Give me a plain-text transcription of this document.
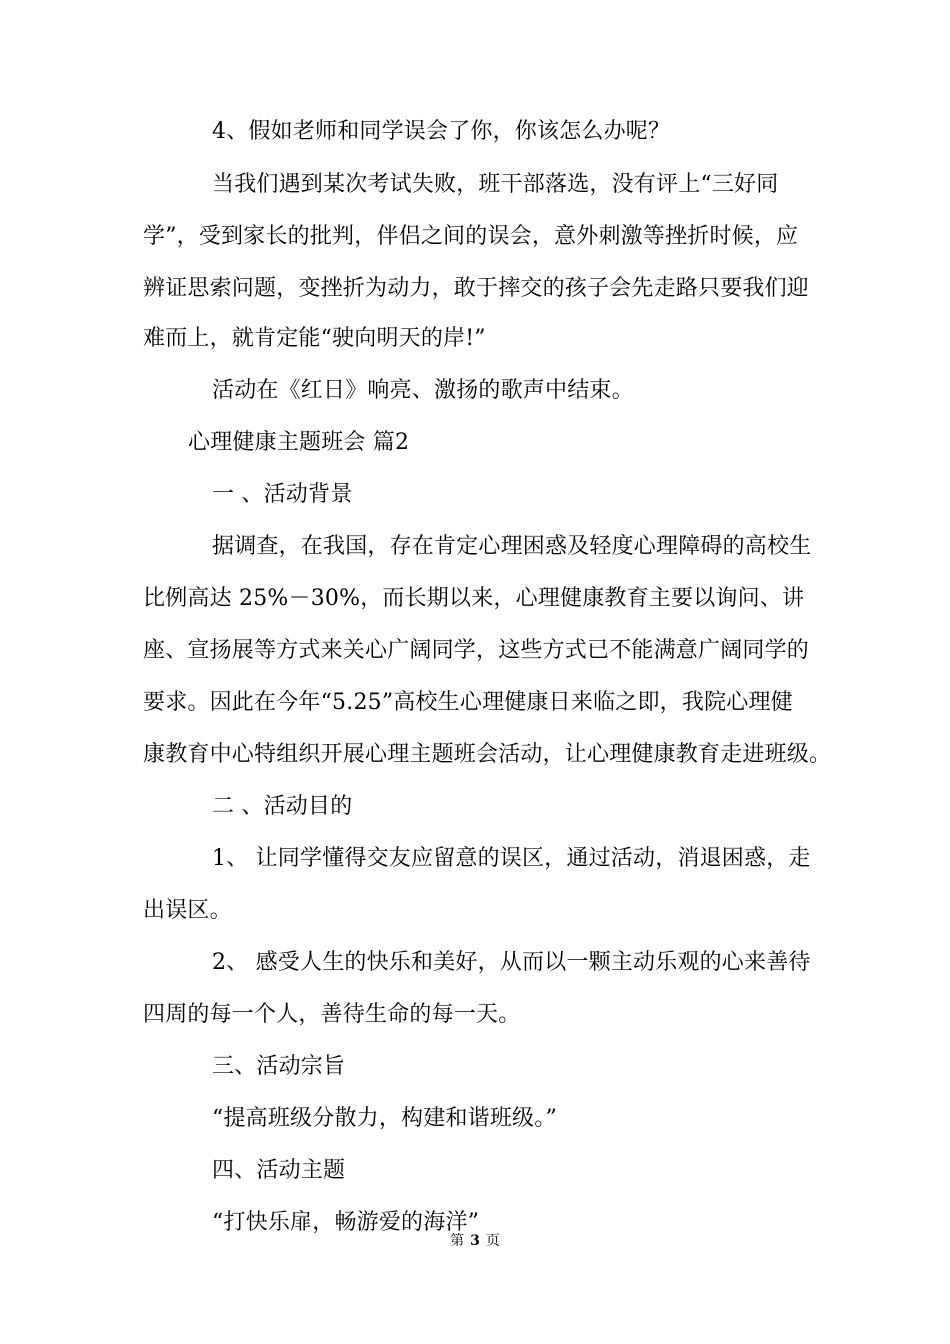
4、假如老师和同学误会了你，你该怎么办呢？
当我们遇到某次考试失败，班干部落选，没有评上“三好同
学”，受到家长的批判，伴侣之间的误会，意外刺激等挫折时候，应
辨证思索问题，变挫折为动力，敢于摔交的孩子会先走路只要我们迎
难而上，就肯定能“驶向明天的岸!”
活动在《红日》响亮、激扬的歌声中结束。
心理健康主题班会 篇2
一 、活动背景
据调查，在我国，存在肯定心理困惑及轻度心理障碍的高校生
比例高达 25%－30%，而长期以来，心理健康教育主要以询问、讲
座、宣扬展等方式来关心广阔同学，这些方式已不能满意广阔同学的
要求。因此在今年“5.25”高校生心理健康日来临之即，我院心理健
康教育中心特组织开展心理主题班会活动，让心理健康教育走进班级。
二 、活动目的
1、 让同学懂得交友应留意的误区，通过活动，消退困惑，走
出误区。
2、 感受人生的快乐和美好，从而以一颗主动乐观的心来善待
四周的每一个人，善待生命的每一天。
三、活动宗旨
“提高班级分散力，构建和谐班级。”
四、活动主题
“打快乐扉，畅游爱的海洋”
第 3 页
